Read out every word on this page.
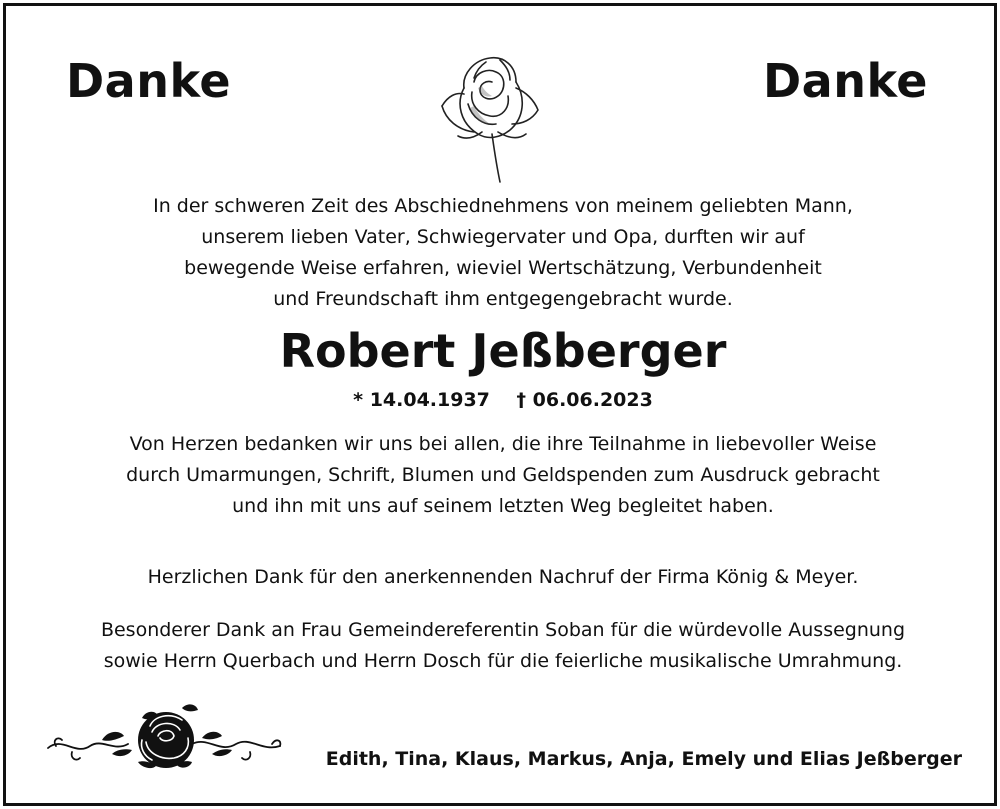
Danke	Danke

In der schweren Zeit des Abschiednehmens von meinem geliebten Mann,
unserem lieben Vater, Schwiegervater und Opa, durften wir auf
bewegende Weise erfahren, wieviel Wertschätzung, Verbundenheit
und Freundschaft ihm entgegengebracht wurde.

Robert Jeßberger
* 14.04.1937 † 06.06.2023

Von Herzen bedanken wir uns bei allen, die ihre Teilnahme in liebevoller Weise
durch Umarmungen, Schrift, Blumen und Geldspenden zum Ausdruck gebracht
und ihn mit uns auf seinem letzten Weg begleitet haben.

Herzlichen Dank für den anerkennenden Nachruf der Firma König & Meyer.

Besonderer Dank an Frau Gemeindereferentin Soban für die würdevolle Aussegnung
sowie Herrn Querbach und Herrn Dosch für die feierliche musikalische Umrahmung.

Edith, Tina, Klaus, Markus, Anja, Emely und Elias Jeßberger
